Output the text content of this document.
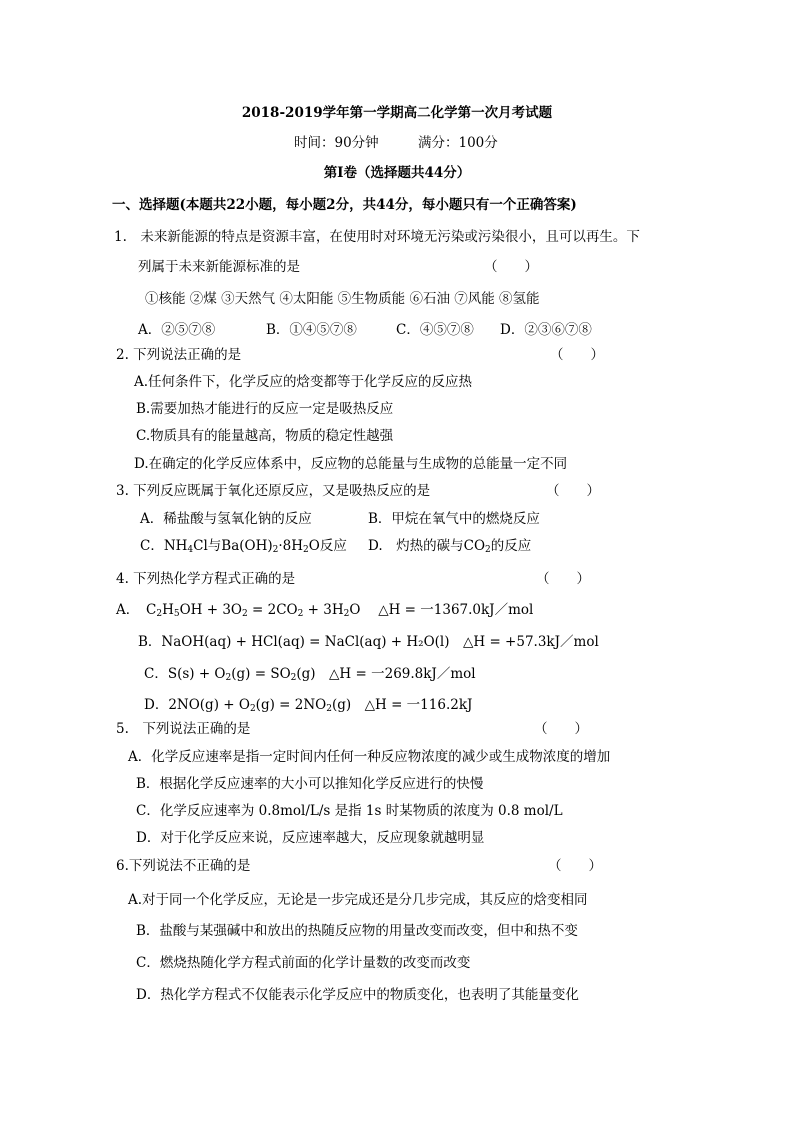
2018-2019学年第一学期高二化学第一次月考试题
时间：90分钟	满分：100分
第Ⅰ卷（选择题共44分）
一、选择题(本题共22小题，每小题2分，共44分，每小题只有一个正确答案)
1.　未来新能源的特点是资源丰富，在使用时对环境无污染或污染很小，且可以再生。下
列属于未来新能源标准的是	（　　）
①核能 ②煤 ③天然气 ④太阳能 ⑤生物质能 ⑥石油 ⑦风能 ⑧氢能
A．②⑤⑦⑧	B．①④⑤⑦⑧	C．④⑤⑦⑧ D．②③⑥⑦⑧
2. 下列说法正确的是	（　　）
A.任何条件下，化学反应的焓变都等于化学反应的反应热
B.需要加热才能进行的反应一定是吸热反应
C.物质具有的能量越高，物质的稳定性越强
D.在确定的化学反应体系中，反应物的总能量与生成物的总能量一定不同
3. 下列反应既属于氧化还原反应，又是吸热反应的是	（　　）
A．稀盐酸与氢氧化钠的反应	B．甲烷在氧气中的燃烧反应
C．$NH_4Cl$与$Ba(OH)_2\cdot 8H_2O$反应 D.　灼热的碳与$CO_2$的反应
4. 下列热化学方程式正确的是	（　　）
A．　 $C_2H_5OH + 3O_2 = 2CO_2 + 3H_2O$　 △H = 一1367.0kJ／mol
B．NaOH(aq) + HCl(aq) = NaCl(aq) + H₂O(l)　△H = +57.3kJ／mol
C．$S(s) + O_2(g) = SO_2(g)$　△H = 一269.8kJ／mol
D．$2NO(g) + O_2(g) = 2NO_2(g)$　△H = 一116.2kJ
5.　下列说法正确的是	（　　）
A．化学反应速率是指一定时间内任何一种反应物浓度的减少或生成物浓度的增加
B．根据化学反应速率的大小可以推知化学反应进行的快慢
C．化学反应速率为 0.8mol/L/s 是指 1s 时某物质的浓度为 0.8 mol/L
D．对于化学反应来说，反应速率越大，反应现象就越明显
6.下列说法不正确的是	（　　）
A.对于同一个化学反应，无论是一步完成还是分几步完成，其反应的焓变相同
B．盐酸与某强碱中和放出的热随反应物的用量改变而改变，但中和热不变
C．燃烧热随化学方程式前面的化学计量数的改变而改变
D．热化学方程式不仅能表示化学反应中的物质变化，也表明了其能量变化
